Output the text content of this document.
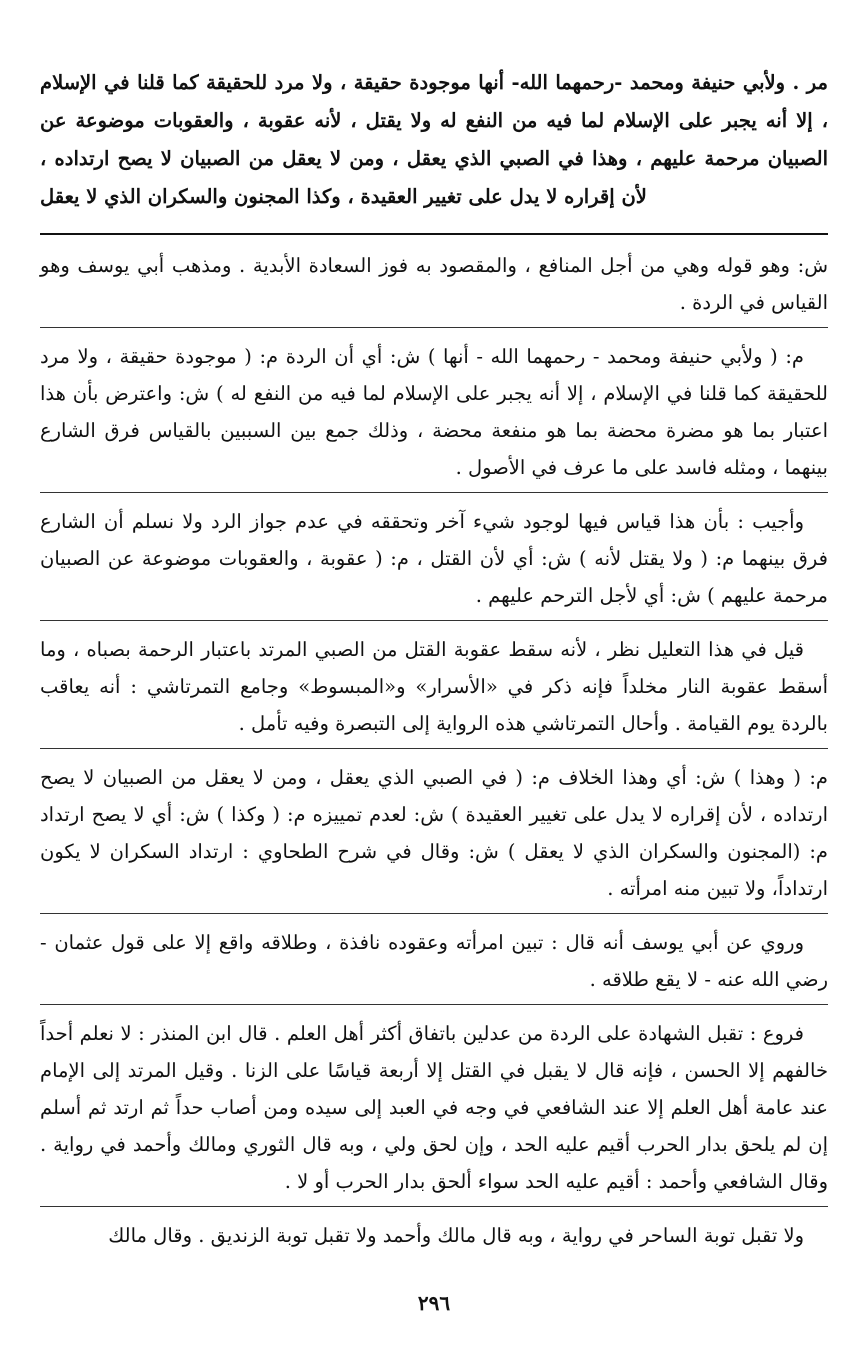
مر . ولأبي حنيفة ومحمد -رحمهما الله- أنها موجودة حقيقة ، ولا مرد للحقيقة كما قلنا في الإسلام ، إلا أنه يجبر على الإسلام لما فيه من النفع له ولا يقتل ، لأنه عقوبة ، والعقوبات موضوعة عن الصبيان مرحمة عليهم ، وهذا في الصبي الذي يعقل ، ومن لا يعقل من الصبيان لا يصح ارتداده ، لأن إقراره لا يدل على تغيير العقيدة ، وكذا المجنون والسكران الذي لا يعقل

ش: وهو قوله وهي من أجل المنافع ، والمقصود به فوز السعادة الأبدية . ومذهب أبي يوسف وهو القياس في الردة .

م: ( ولأبي حنيفة ومحمد - رحمهما الله - أنها ) ش: أي أن الردة م: ( موجودة حقيقة ، ولا مرد للحقيقة كما قلنا في الإسلام ، إلا أنه يجبر على الإسلام لما فيه من النفع له ) ش: واعترض بأن هذا اعتبار بما هو مضرة محضة بما هو منفعة محضة ، وذلك جمع بين السببين بالقياس فرق الشارع بينهما ، ومثله فاسد على ما عرف في الأصول .

وأجيب : بأن هذا قياس فيها لوجود شيء آخر وتحققه في عدم جواز الرد ولا نسلم أن الشارع فرق بينهما م: ( ولا يقتل لأنه ) ش: أي لأن القتل ، م: ( عقوبة ، والعقوبات موضوعة عن الصبيان مرحمة عليهم ) ش: أي لأجل الترحم عليهم .

قيل في هذا التعليل نظر ، لأنه سقط عقوبة القتل من الصبي المرتد باعتبار الرحمة بصباه ، وما أسقط عقوبة النار مخلداً فإنه ذكر في «الأسرار» و«المبسوط» وجامع التمرتاشي : أنه يعاقب بالردة يوم القيامة . وأحال التمرتاشي هذه الرواية إلى التبصرة وفيه تأمل .

م: ( وهذا ) ش: أي وهذا الخلاف م: ( في الصبي الذي يعقل ، ومن لا يعقل من الصبيان لا يصح ارتداده ، لأن إقراره لا يدل على تغيير العقيدة ) ش: لعدم تمييزه م: ( وكذا ) ش: أي لا يصح ارتداد م: (المجنون والسكران الذي لا يعقل ) ش: وقال في شرح الطحاوي : ارتداد السكران لا يكون ارتداداً، ولا تبين منه امرأته .

وروي عن أبي يوسف أنه قال : تبين امرأته وعقوده نافذة ، وطلاقه واقع إلا على قول عثمان - رضي الله عنه - لا يقع طلاقه .

فروع : تقبل الشهادة على الردة من عدلين باتفاق أكثر أهل العلم . قال ابن المنذر : لا نعلم أحداً خالفهم إلا الحسن ، فإنه قال لا يقبل في القتل إلا أربعة قياسًا على الزنا . وقيل المرتد إلى الإمام عند عامة أهل العلم إلا عند الشافعي في وجه في العبد إلى سيده ومن أصاب حداً ثم ارتد ثم أسلم إن لم يلحق بدار الحرب أقيم عليه الحد ، وإن لحق ولي ، وبه قال الثوري ومالك وأحمد في رواية . وقال الشافعي وأحمد : أقيم عليه الحد سواء ألحق بدار الحرب أو لا .

ولا تقبل توبة الساحر في رواية ، وبه قال مالك وأحمد ولا تقبل توبة الزنديق . وقال مالك

٢٩٦
